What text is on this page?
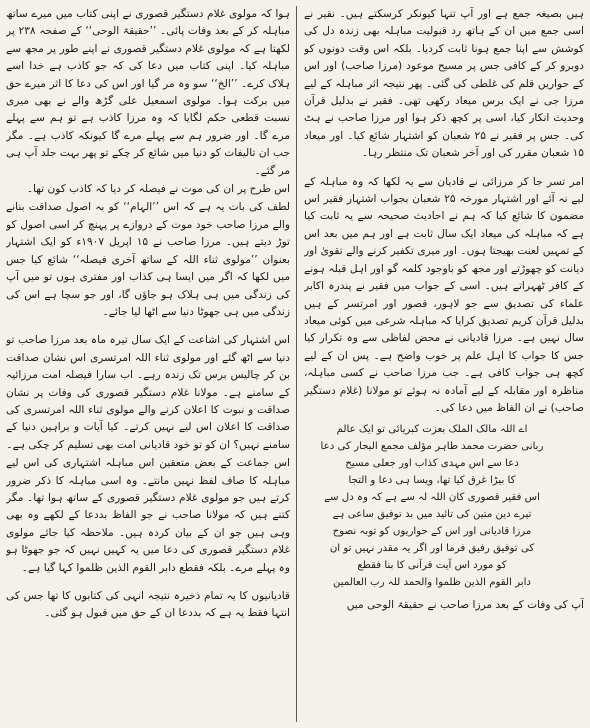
ہیں بصیغہ جمع ہے اور آپ تنہا کیونکر کرسکتے ہیں۔ نقیر نے اسی جمع میں ان کے ہاتھ رد قبولیت مباہلہ بھی زندہ دل کی کوشش سے اپنا جمع ہونا ثابت کردیا۔ بلکہ اس وقت دونوں کو دوبرو کر کے کافی جس پر مسیح موعود (مرزا صاحب) اور اس کے حواریں قلم کی غلطی کی گئی۔ پھر نتیجہ اثر مباہلہ کے لیے مرزا جی نے ایک برس میعاد رکھی تھی۔ فقیر نے بدلیل قرآن وحدیث انکار کیا، اسی پر کچھ ذکر ہوا اور مرزا صاحب نے ہٹ کی۔ جس پر فقیر نے ۲۵ شعبان کو اشتہار شائع کیا۔ اور میعاد ۱۵ شعبان مقرر کی اور آخر شعبان تک منتظر رہا۔

امر تسر جا کر مرزائی نے قادیان سے یہ لکھا کہ وہ مباہلہ کے لیے نہ آئے اور اشتہار مورخہ ۲۵ شعبان بجواب اشتہار فقیر اس مضمون کا شائع کیا کہ ہم نے احادیث صحیحہ سے یہ ثابت کیا ہے کہ مباہلہ کی میعاد ایک سال ثابت ہے اور ہم میں بعد اس کے تمہیں لعنت بھیجتا ہوں۔ اور میری تکفیر کرنے والے تقویٰ اور دیانت کو چھوڑتے اور مجھ کو باوجود کلمہ گو اور اہل قبلہ ہونے کے کافر ٹھہراتے ہیں۔ اسی کے جواب میں فقیر نے پندرہ اکابر علماء کی تصدیق سے جو لاہور، قصور اور امرتسر کے ہیں بدلیل قرآن کریم تصدیق کرایا کہ مباہلہ شرعی میں کوئی میعاد سال نہیں ہے۔ مرزا قادیانی نے محض لفاظی سے وہ تکرار کیا جس کا جواب کا اہل علم پر خوب واضح ہے۔ پس ان کے لیے کچھ ہی جواب کافی ہے۔ جب مرزا صاحب نے کسی مباہلہ، مناظرہ اور مقابلہ کے لیے آمادہ نہ ہوئے تو مولانا (غلام دستگیر صاحب) نے ان الفاظ میں دعا کی۔

اے اللہ مالک الملک بعزت کبریائی تو ایک عالم
ربانی حضرت محمد طاہر مؤلف مجمع البحار کی دعا
دعا سے اس مہدی کذاب اور جعلی مسیح
کا بیڑا غرق کیا تھا، ویسا ہی دعا و التجا
اس فقیر قصوری کان اللہ لہ سے ہے کہ وہ دل سے
تیرے دین متین کی تائید میں بد توفیق ساعی ہے
مرزا قادیانی اور اس کے حواریوں کو توبہ نصوح
کی توفیق رفیق فرما اور اگر یہ مقدر نہیں تو ان
کو مورد اس آیت قرآنی کا بنا فقطع
دابر القوم الذین ظلموا والحمد للہ رب العالمین

آپ کی وفات کے بعد مرزا صاحب نے حقیقۃ الوحی میں

ہوا کہ مولوی غلام دستگیر قصوری نے اپنی کتاب میں میرے ساتھ مباہلہ کر کے بعد وفات پائی۔ ’’حقیقۃ الوحی‘‘ کے صفحہ ۲۳۸ پر لکھتا ہے کہ مولوی غلام دستگیر قصوری نے اپنے طور پر مجھ سے مباہلہ کیا۔ اپنی کتاب میں دعا کی کہ جو کاذب ہے خدا اسے ہلاک کرے۔ ’’الخ‘‘ سو وہ مر گیا اور اس کی دعا کا اثر میرے حق میں برکت ہوا۔ مولوی اسمعیل علی گڑھ والے نے بھی میری نسبت قطعی حکم لگایا کہ وہ مرزا کاذب ہے تو ہم سے پہلے مرے گا۔ اور ضرور ہم سے پہلے مرے گا کیونکہ کاذب ہے۔ مگر جب ان تالیفات کو دنیا میں شائع کر چکے تو پھر بہت جلد آپ ہی مر گئے۔

اس طرح پر ان کی موت نے فیصلہ کر دیا کہ کاذب کون تھا۔

لطف کی بات یہ ہے کہ اس ’’الہام‘‘ کو بہ اصول صداقت بنانے والے مرزا صاحب خود موت کے دروازے پر پہنچ کر اسی اصول کو توڑ دیتے ہیں۔ مرزا صاحب نے ۱۵ اپریل ۱۹۰۷ء کو ایک اشتہار بعنوان ’’مولوی ثناء اللہ کے ساتھ آخری فیصلہ‘‘ شائع کیا جس میں لکھا کہ اگر میں ایسا ہی کذاب اور مفتری ہوں تو میں آپ کی زندگی میں ہی ہلاک ہو جاؤں گا، اور جو سچا ہے اس کی زندگی میں ہی جھوٹا دنیا سے اٹھا لیا جائے۔

اس اشتہار کی اشاعت کے ایک سال تیرہ ماہ بعد مرزا صاحب تو دنیا سے اٹھ گئے اور مولوی ثناء اللہ امرتسری اس نشان صداقت بن کر چالیس برس تک زندہ رہے۔ اب سارا فیصلہ امت مرزائیہ کے سامنے ہے۔ مولانا غلام دستگیر قصوری کی وفات پر نشان صداقت و نبوت کا اعلان کرنے والے مولوی ثناء اللہ امرتسری کی صداقت کا اعلان اس لیے نہیں کرتے۔ کیا آیات و براہین دنیا کے سامنے نہیں؟ ان کو تو خود قادیانی امت بھی تسلیم کر چکی ہے۔

اس جماعت کے بعض متعقین اس مباہلہ اشتہاری کی اس لیے مباہلہ کا صاف لفظ نہیں مانتے۔ وہ اسی مباہلہ کا ذکر ضرور کرتے ہیں جو مولوی غلام دستگیر قصوری کے ساتھ ہوا تھا۔ مگر کتنے ہیں کہ مولانا صاحب نے جو الفاظ بددعا کے لکھے وہ بھی وہی ہیں جو ان کے بیان کردہ ہیں۔ ملاحظہ کیا جائے مولوی غلام دستگیر قصوری کی دعا میں یہ کہیں نہیں کہ جو جھوٹا ہو وہ پہلے مرے۔ بلکہ فقطع دابر القوم الذین ظلموا کہا گیا ہے۔

قادیانیوں کا یہ تمام ذخیرہ نتیجہ انہی کی کتابوں کا تھا جس کی انتہا فقط یہ ہے کہ بددعا ان کے حق میں قبول ہو گئی۔
